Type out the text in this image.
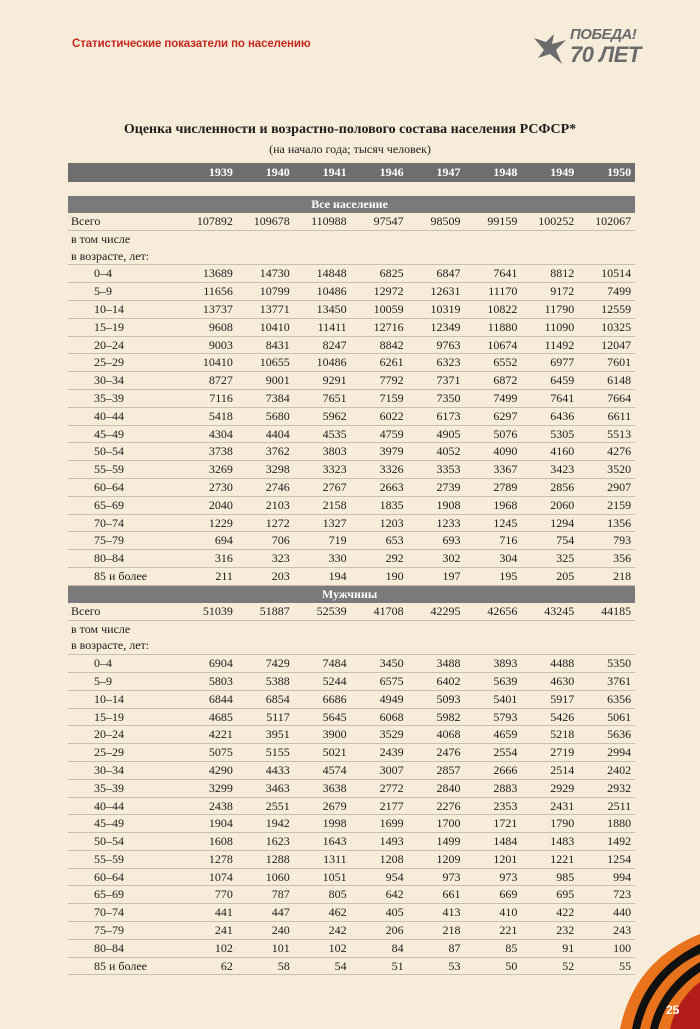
Статистические показатели по населению
ПОБЕДА!
70 ЛЕТ
Оценка численности и возрастно-полового состава населения РСФСР*
(на начало года; тысяч человек)
	1939	1940	1941	1946	1947	1948	1949	1950

Все население								
Всего	107892	109678	110988	97547	98509	99159	100252	102067
в том числе								
в возрасте, лет:								
0–4	13689	14730	14848	6825	6847	7641	8812	10514
5–9	11656	10799	10486	12972	12631	11170	9172	7499
10–14	13737	13771	13450	10059	10319	10822	11790	12559
15–19	9608	10410	11411	12716	12349	11880	11090	10325
20–24	9003	8431	8247	8842	9763	10674	11492	12047
25–29	10410	10655	10486	6261	6323	6552	6977	7601
30–34	8727	9001	9291	7792	7371	6872	6459	6148
35–39	7116	7384	7651	7159	7350	7499	7641	7664
40–44	5418	5680	5962	6022	6173	6297	6436	6611
45–49	4304	4404	4535	4759	4905	5076	5305	5513
50–54	3738	3762	3803	3979	4052	4090	4160	4276
55–59	3269	3298	3323	3326	3353	3367	3423	3520
60–64	2730	2746	2767	2663	2739	2789	2856	2907
65–69	2040	2103	2158	1835	1908	1968	2060	2159
70–74	1229	1272	1327	1203	1233	1245	1294	1356
75–79	694	706	719	653	693	716	754	793
80–84	316	323	330	292	302	304	325	356
85 и более	211	203	194	190	197	195	205	218
Мужчины								
Всего	51039	51887	52539	41708	42295	42656	43245	44185
в том числе								
в возрасте, лет:								
0–4	6904	7429	7484	3450	3488	3893	4488	5350
5–9	5803	5388	5244	6575	6402	5639	4630	3761
10–14	6844	6854	6686	4949	5093	5401	5917	6356
15–19	4685	5117	5645	6068	5982	5793	5426	5061
20–24	4221	3951	3900	3529	4068	4659	5218	5636
25–29	5075	5155	5021	2439	2476	2554	2719	2994
30–34	4290	4433	4574	3007	2857	2666	2514	2402
35–39	3299	3463	3638	2772	2840	2883	2929	2932
40–44	2438	2551	2679	2177	2276	2353	2431	2511
45–49	1904	1942	1998	1699	1700	1721	1790	1880
50–54	1608	1623	1643	1493	1499	1484	1483	1492
55–59	1278	1288	1311	1208	1209	1201	1221	1254
60–64	1074	1060	1051	954	973	973	985	994
65–69	770	787	805	642	661	669	695	723
70–74	441	447	462	405	413	410	422	440
75–79	241	240	242	206	218	221	232	243
80–84	102	101	102	84	87	85	91	100
85 и более	62	58	54	51	53	50	52	55
25
